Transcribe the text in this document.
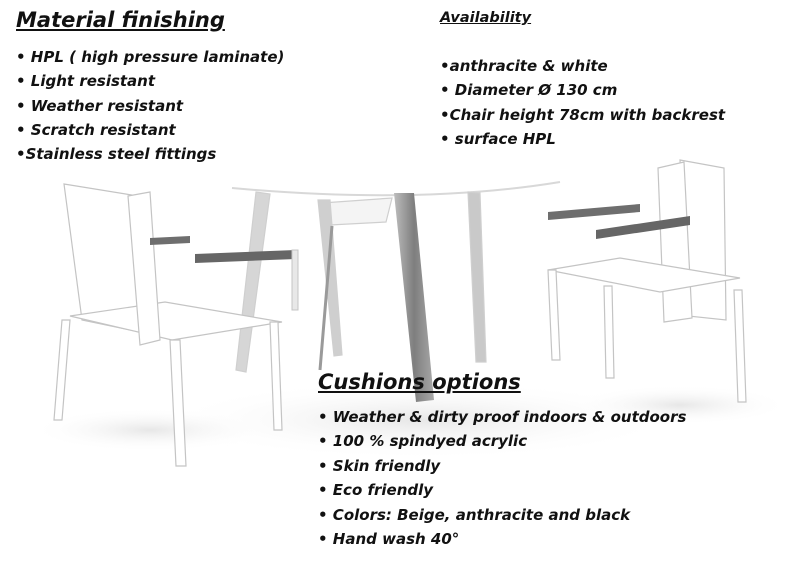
Material finishing
• HPL ( high pressure laminate)
• Light resistant
• Weather resistant
• Scratch resistant
•Stainless steel fittings
Availability
•anthracite & white
• Diameter Ø 130 cm
•Chair height 78cm with backrest
• surface HPL
Cushions options
• Weather & dirty proof indoors & outdoors
• 100 % spindyed acrylic
• Skin friendly
• Eco friendly
• Colors: Beige, anthracite and black
• Hand wash 40°
